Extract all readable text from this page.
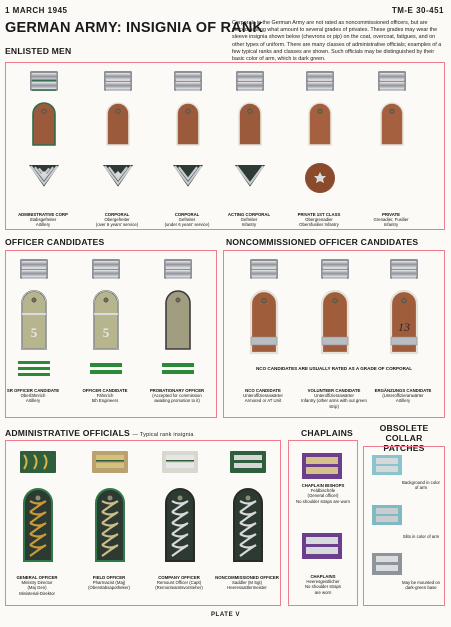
1 MARCH 1945	TM-E 30-451
GERMAN ARMY: INSIGNIA OF RANK
Corporals in the German Army are not rated as noncommissioned officers, but are placed among what amount to several grades of privates. These grades may wear the sleeve insignia shown below (chevrons or pip) on the coat, overcoat, fatigues, and on other types of uniform. There are many classes of administrative officials; examples of a few typical ranks and classes are shown. Such officials may be distinguished by their basic color of arm, which is dark green.
ENLISTED MEN
ADMINISTRATIVE CORP
Stabsgefreiter
Artillery
CORPORAL
Obergefreiter
(over 6 years' service)
CORPORAL
Gefreiter
(under 6 years' service)
ACTING CORPORAL
Gefreiter
Infantry
PRIVATE 1ST CLASS
Obergrenadier
Obersfusilier Infantry
PRIVATE
Grenadier, Fusilier
Infantry
OFFICER CANDIDATES
5	5
SR OFFICER CANDIDATE
Oberfähnrich
Artillery
OFFICER CANDIDATE
Fähnrich
5th Engineers
PROBATIONARY OFFICER
(Accepted for commission
awaiting promotion to it)
NONCOMMISSIONED OFFICER CANDIDATES
13
NCO CANDIDATES ARE USUALLY RATED AS A GRADE OF CORPORAL
NCO CANDIDATE
Unteroffizieranwärter
Armored or AT Unit
VOLUNTEER CANDIDATE
Unteroffizieranwärter
Infantry (other arms with out green strip)
ERGÄNZUNGS CANDIDATE
(Unteroffizieranwärter
Artillery
ADMINISTRATIVE OFFICIALS — Typical rank insignia
GENERAL OFFICER
Ministry Director
(Maj Gen)
Ministerial-Direktor
FIELD OFFICER
Pharmacist (Maj)
(Oberstabsapotheker)
COMPANY OFFICER
Remount Officer (Capt)
(Remonteamtsvorsteher)
NONCOMMISSIONED OFFICER
Saddler (M Sgt)
Heeressattlermeister
CHAPLAINS
CHAPLAIN BISHOPS
Feldbischöfe
(General officer)
No shoulder straps are worn
CHAPLAINS
Heeresgeistlicher
No shoulder straps
are worn
OBSOLETE COLLAR
PATCHES
Background in color
of arm
Slits in color of arm
May be mounted on
dark-green base
PLATE V
